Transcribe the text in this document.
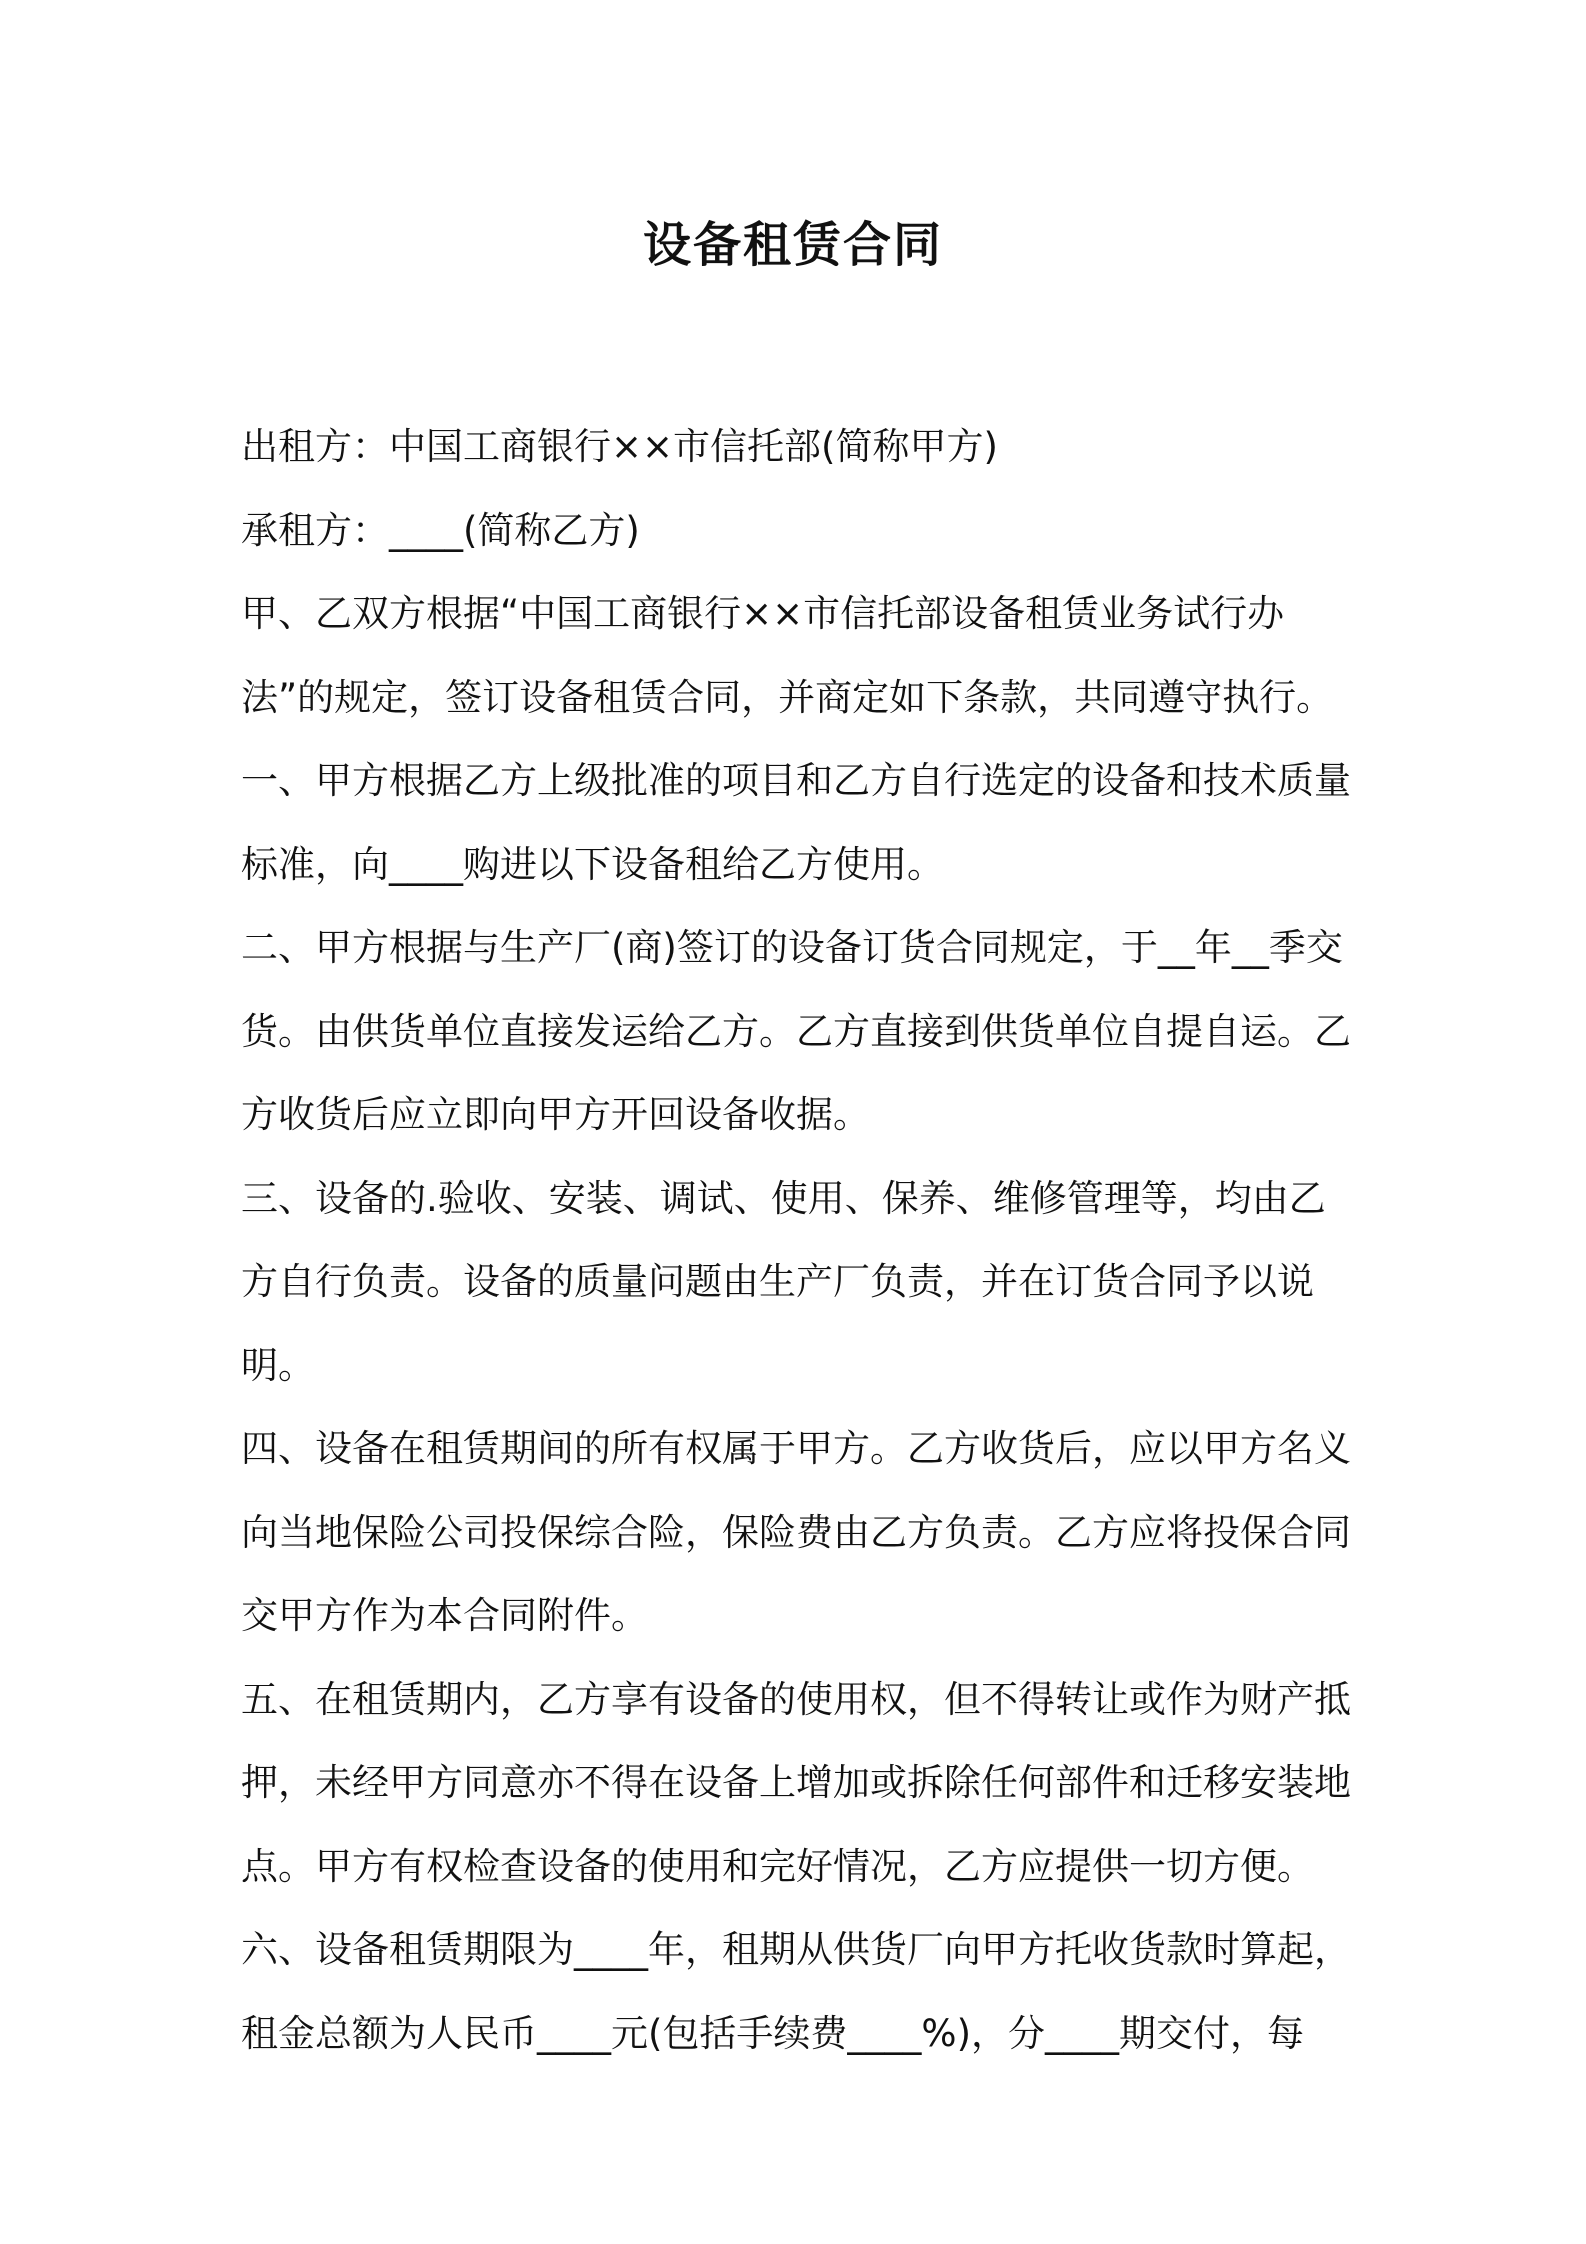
设备租赁合同

出租方：中国工商银行××市信托部(简称甲方)

承租方：____(简称乙方)

甲、乙双方根据“中国工商银行××市信托部设备租赁业务试行办法”的规定，签订设备租赁合同，并商定如下条款，共同遵守执行。

一、甲方根据乙方上级批准的项目和乙方自行选定的设备和技术质量标准，向____购进以下设备租给乙方使用。

二、甲方根据与生产厂(商)签订的设备订货合同规定，于__年__季交货。由供货单位直接发运给乙方。乙方直接到供货单位自提自运。乙方收货后应立即向甲方开回设备收据。

三、设备的.验收、安装、调试、使用、保养、维修管理等，均由乙方自行负责。设备的质量问题由生产厂负责，并在订货合同予以说明。

四、设备在租赁期间的所有权属于甲方。乙方收货后，应以甲方名义向当地保险公司投保综合险，保险费由乙方负责。乙方应将投保合同交甲方作为本合同附件。

五、在租赁期内，乙方享有设备的使用权，但不得转让或作为财产抵押，未经甲方同意亦不得在设备上增加或拆除任何部件和迁移安装地点。甲方有权检查设备的使用和完好情况，乙方应提供一切方便。

六、设备租赁期限为____年，租期从供货厂向甲方托收货款时算起，租金总额为人民币____元(包括手续费____%)，分____期交付，每
